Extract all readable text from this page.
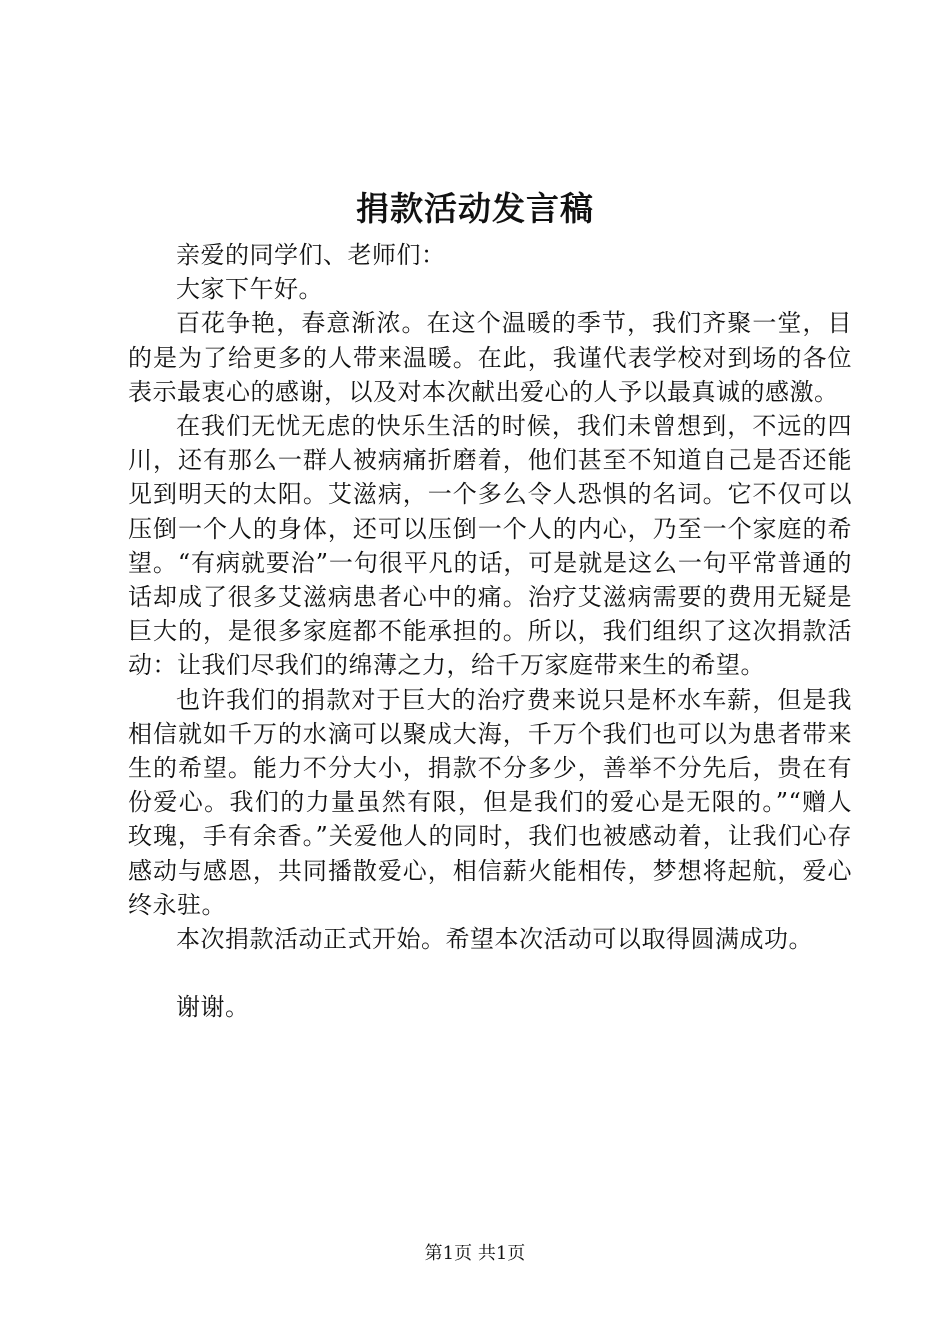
捐款活动发言稿

亲爱的同学们、老师们：

大家下午好。

百花争艳，春意渐浓。在这个温暖的季节，我们齐聚一堂，目的是为了给更多的人带来温暖。在此，我谨代表学校对到场的各位表示最衷心的感谢，以及对本次献出爱心的人予以最真诚的感激。

在我们无忧无虑的快乐生活的时候，我们未曾想到，不远的四川，还有那么一群人被病痛折磨着，他们甚至不知道自己是否还能见到明天的太阳。艾滋病，一个多么令人恐惧的名词。它不仅可以压倒一个人的身体，还可以压倒一个人的内心，乃至一个家庭的希望。“有病就要治”一句很平凡的话，可是就是这么一句平常普通的话却成了很多艾滋病患者心中的痛。治疗艾滋病需要的费用无疑是巨大的，是很多家庭都不能承担的。所以，我们组织了这次捐款活动：让我们尽我们的绵薄之力，给千万家庭带来生的希望。

也许我们的捐款对于巨大的治疗费来说只是杯水车薪，但是我相信就如千万的水滴可以聚成大海，千万个我们也可以为患者带来生的希望。能力不分大小，捐款不分多少，善举不分先后，贵在有份爱心。我们的力量虽然有限，但是我们的爱心是无限的。”“赠人玫瑰，手有余香。”关爱他人的同时，我们也被感动着，让我们心存感动与感恩，共同播散爱心，相信薪火能相传，梦想将起航，爱心终永驻。

本次捐款活动正式开始。希望本次活动可以取得圆满成功。

谢谢。

第1页 共1页
